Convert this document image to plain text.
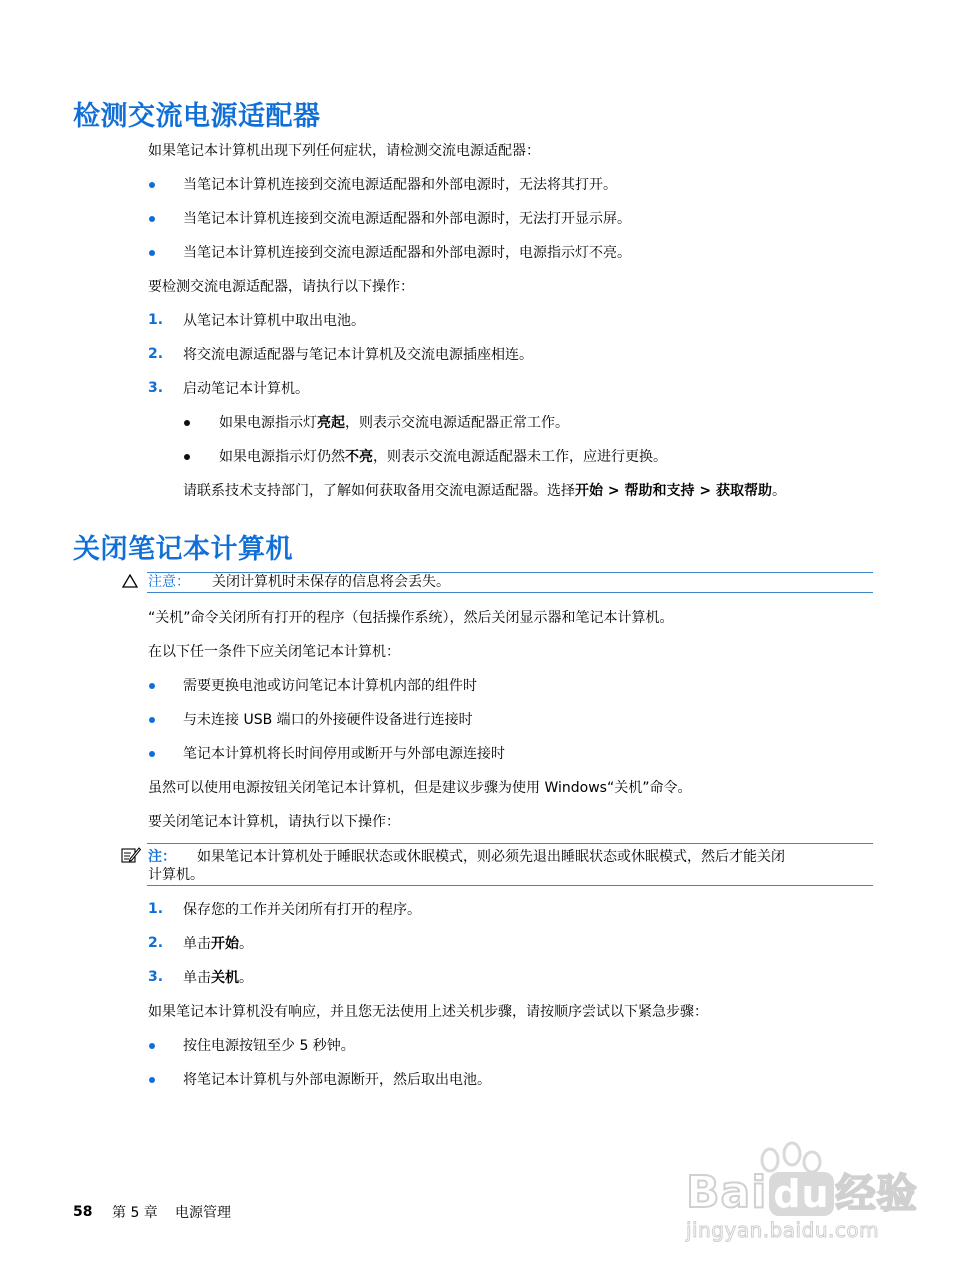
检测交流电源适配器
如果笔记本计算机出现下列任何症状，请检测交流电源适配器：
当笔记本计算机连接到交流电源适配器和外部电源时，无法将其打开。
当笔记本计算机连接到交流电源适配器和外部电源时，无法打开显示屏。
当笔记本计算机连接到交流电源适配器和外部电源时，电源指示灯不亮。
要检测交流电源适配器，请执行以下操作：
1. 从笔记本计算机中取出电池。
2. 将交流电源适配器与笔记本计算机及交流电源插座相连。
3. 启动笔记本计算机。
如果电源指示灯亮起，则表示交流电源适配器正常工作。
如果电源指示灯仍然不亮，则表示交流电源适配器未工作，应进行更换。
请联系技术支持部门，了解如何获取备用交流电源适配器。选择开始 > 帮助和支持 > 获取帮助。
关闭笔记本计算机
注意： 关闭计算机时未保存的信息将会丢失。
“关机”命令关闭所有打开的程序（包括操作系统），然后关闭显示器和笔记本计算机。
在以下任一条件下应关闭笔记本计算机：
需要更换电池或访问笔记本计算机内部的组件时
与未连接 USB 端口的外接硬件设备进行连接时
笔记本计算机将长时间停用或断开与外部电源连接时
虽然可以使用电源按钮关闭笔记本计算机，但是建议步骤为使用 Windows“关机”命令。
要关闭笔记本计算机，请执行以下操作：
注： 如果笔记本计算机处于睡眠状态或休眠模式，则必须先退出睡眠状态或休眠模式，然后才能关闭
计算机。
1. 保存您的工作并关闭所有打开的程序。
2. 单击开始。
3. 单击关机。
如果笔记本计算机没有响应，并且您无法使用上述关机步骤，请按顺序尝试以下紧急步骤：
按住电源按钮至少 5 秒钟。
将笔记本计算机与外部电源断开，然后取出电池。
58 第 5 章 电源管理	Bai du 经验
jingyan.baidu.com
